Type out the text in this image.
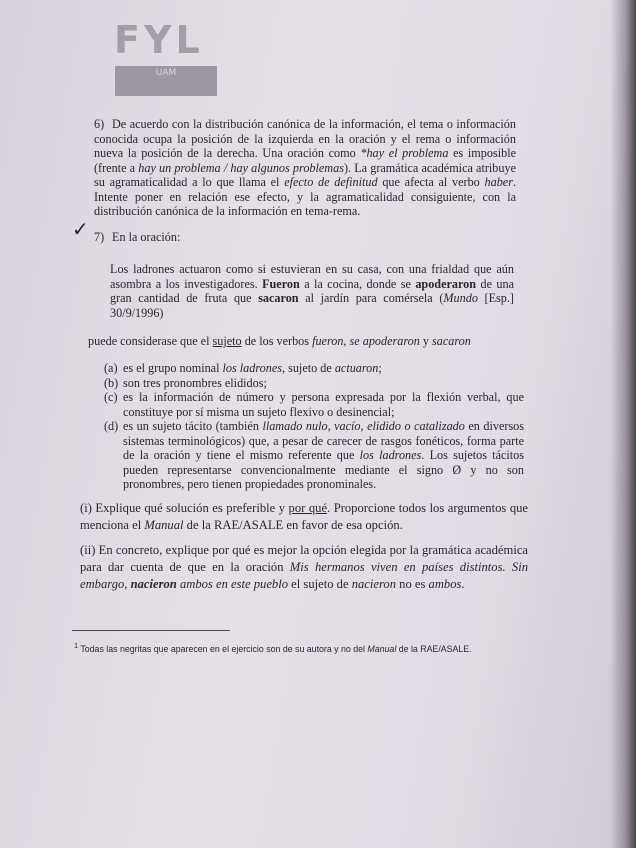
FYL
UAM
6) De acuerdo con la distribución canónica de la información, el tema o información conocida ocupa la posición de la izquierda en la oración y el rema o información nueva la posición de la derecha. Una oración como *hay el problema es imposible (frente a hay un problema / hay algunos problemas). La gramática académica atribuye su agramaticalidad a lo que llama el efecto de definitud que afecta al verbo haber. Intente poner en relación ese efecto, y la agramaticalidad consiguiente, con la distribución canónica de la información en tema-rema.
✓ 7) En la oración:
Los ladrones actuaron como si estuvieran en su casa, con una frialdad que aún asombra a los investigadores. Fueron a la cocina, donde se apoderaron de una gran cantidad de fruta que sacaron al jardín para comérsela (Mundo [Esp.] 30/9/1996)
puede considerase que el sujeto de los verbos fueron, se apoderaron y sacaron
(a) es el grupo nominal los ladrones, sujeto de actuaron;
(b) son tres pronombres elididos;
(c) es la información de número y persona expresada por la flexión verbal, que constituye por sí misma un sujeto flexivo o desinencial;
(d) es un sujeto tácito (también llamado nulo, vacío, elidido o catalizado en diversos sistemas terminológicos) que, a pesar de carecer de rasgos fonéticos, forma parte de la oración y tiene el mismo referente que los ladrones. Los sujetos tácitos pueden representarse convencionalmente mediante el signo Ø y no son pronombres, pero tienen propiedades pronominales.
(i) Explique qué solución es preferible y por qué. Proporcione todos los argumentos que menciona el Manual de la RAE/ASALE en favor de esa opción.
(ii) En concreto, explique por qué es mejor la opción elegida por la gramática académica para dar cuenta de que en la oración Mis hermanos viven en países distintos. Sin embargo, nacieron ambos en este pueblo el sujeto de nacieron no es ambos.
$^1$ Todas las negritas que aparecen en el ejercicio son de su autora y no del Manual de la RAE/ASALE.
